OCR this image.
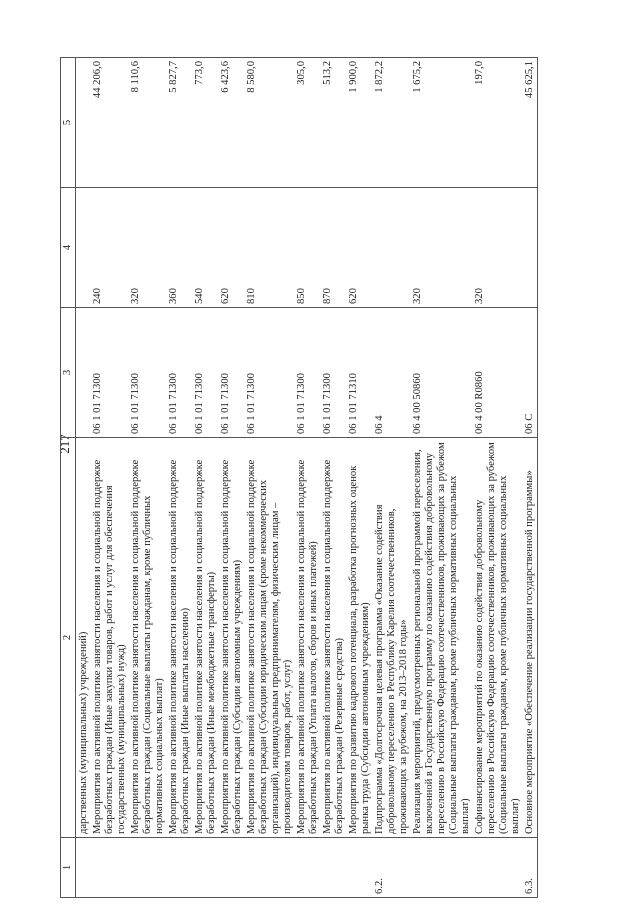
217
1	2	3	4	5
	дарственных (муниципальных) учреждений)			
	Мероприятия по активной политике занятости населения и социальной поддержке безработных граждан (Иные закупки товаров, работ и услуг для обеспечения государственных (муниципальных) нужд)	06 1 01 71300	240	44 206,0
	Мероприятия по активной политике занятости населения и социальной поддержке безработных граждан (Социальные выплаты гражданам, кроме публичных нормативных социальных выплат)	06 1 01 71300	320	8 110,6
	Мероприятия по активной политике занятости населения и социальной поддержке безработных граждан (Иные выплаты населению)	06 1 01 71300	360	5 827,7
	Мероприятия по активной политике занятости населения и социальной поддержке безработных граждан (Иные межбюджетные трансферты)	06 1 01 71300	540	773,0
	Мероприятия по активной политике занятости населения и социальной поддержке безработных граждан (Субсидии автономным учреждениям)	06 1 01 71300	620	6 423,6
	Мероприятия по активной политике занятости населения и социальной поддержке безработных граждан (Субсидии юридическим лицам (кроме некоммерческих организаций), индивидуальным предпринимателям, физическим лицам – производителям товаров, работ, услуг)	06 1 01 71300	810	8 580,0
	Мероприятия по активной политике занятости населения и социальной поддержке безработных граждан (Уплата налогов, сборов и иных платежей)	06 1 01 71300	850	305,0
	Мероприятия по активной политике занятости населения и социальной поддержке безработных граждан (Резервные средства)	06 1 01 71300	870	513,2
	Мероприятия по развитию кадрового потенциала, разработка прогнозных оценок рынка труда (Субсидии автономным учреждениям)	06 1 01 71310	620	1 900,0
6.2.	Подпрограмма «Долгосрочная целевая программа «Оказание содействия добровольному переселению в Республику Карелия соотечественников, проживающих за рубежом, на 2013–2018 годы»	06 4		1 872,2
	Реализация мероприятий, предусмотренных региональной программой переселения, включенной в Государственную программу по оказанию содействия добровольному переселению в Российскую Федерацию соотечественников, проживающих за рубежом (Социальные выплаты гражданам, кроме публичных нормативных социальных выплат)	06 4 00 50860	320	1 675,2
	Софинансирование мероприятий по оказанию содействия добровольному переселению в Российскую Федерацию соотечественников, проживающих за рубежом (Социальные выплаты гражданам, кроме публичных нормативных социальных выплат)	06 4 00 R0860	320	197,0
6.3.	Основное мероприятие «Обеспечение реализации государственной программы»	06 С		45 625,1
